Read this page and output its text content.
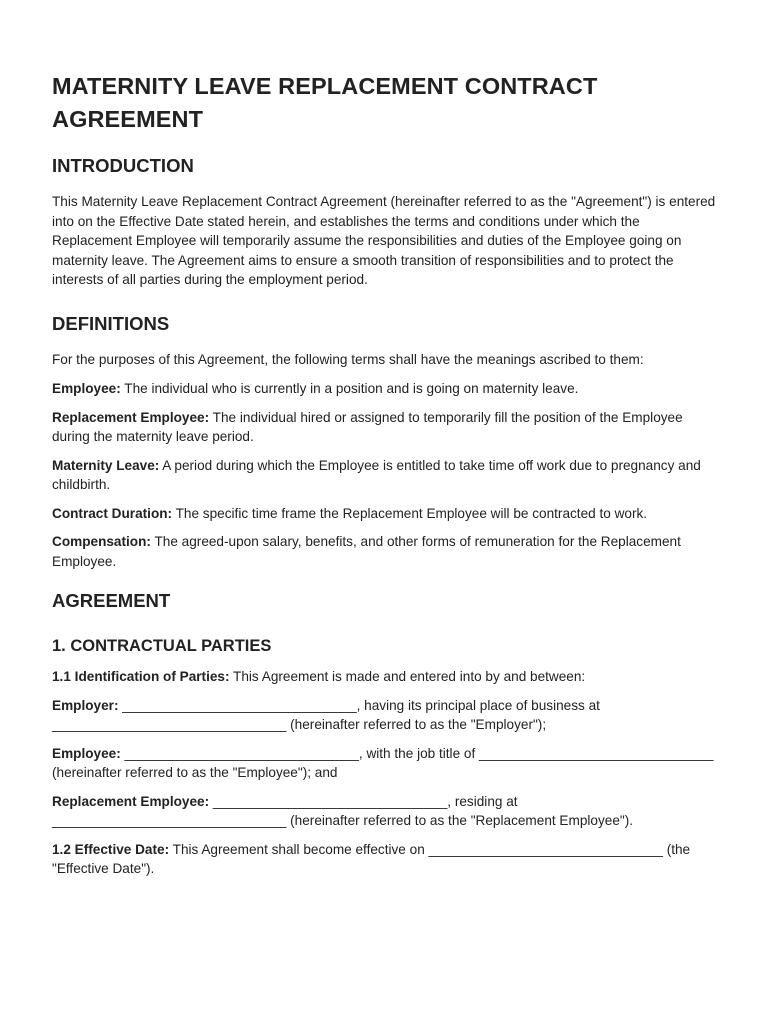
MATERNITY LEAVE REPLACEMENT CONTRACT AGREEMENT
INTRODUCTION

This Maternity Leave Replacement Contract Agreement (hereinafter referred to as the "Agreement") is entered into on the Effective Date stated herein, and establishes the terms and conditions under which the Replacement Employee will temporarily assume the responsibilities and duties of the Employee going on maternity leave. The Agreement aims to ensure a smooth transition of responsibilities and to protect the interests of all parties during the employment period.

DEFINITIONS

For the purposes of this Agreement, the following terms shall have the meanings ascribed to them:

Employee: The individual who is currently in a position and is going on maternity leave.

Replacement Employee: The individual hired or assigned to temporarily fill the position of the Employee during the maternity leave period.

Maternity Leave: A period during which the Employee is entitled to take time off work due to pregnancy and childbirth.

Contract Duration: The specific time frame the Replacement Employee will be contracted to work.

Compensation: The agreed-upon salary, benefits, and other forms of remuneration for the Replacement Employee.

AGREEMENT
1. CONTRACTUAL PARTIES

1.1 Identification of Parties: This Agreement is made and entered into by and between:

Employer: _______________________________, having its principal place of business at _______________________________ (hereinafter referred to as the "Employer");

Employee: _______________________________, with the job title of _______________________________ (hereinafter referred to as the "Employee"); and

Replacement Employee: _______________________________, residing at _______________________________ (hereinafter referred to as the "Replacement Employee").

1.2 Effective Date: This Agreement shall become effective on _______________________________ (the "Effective Date").
